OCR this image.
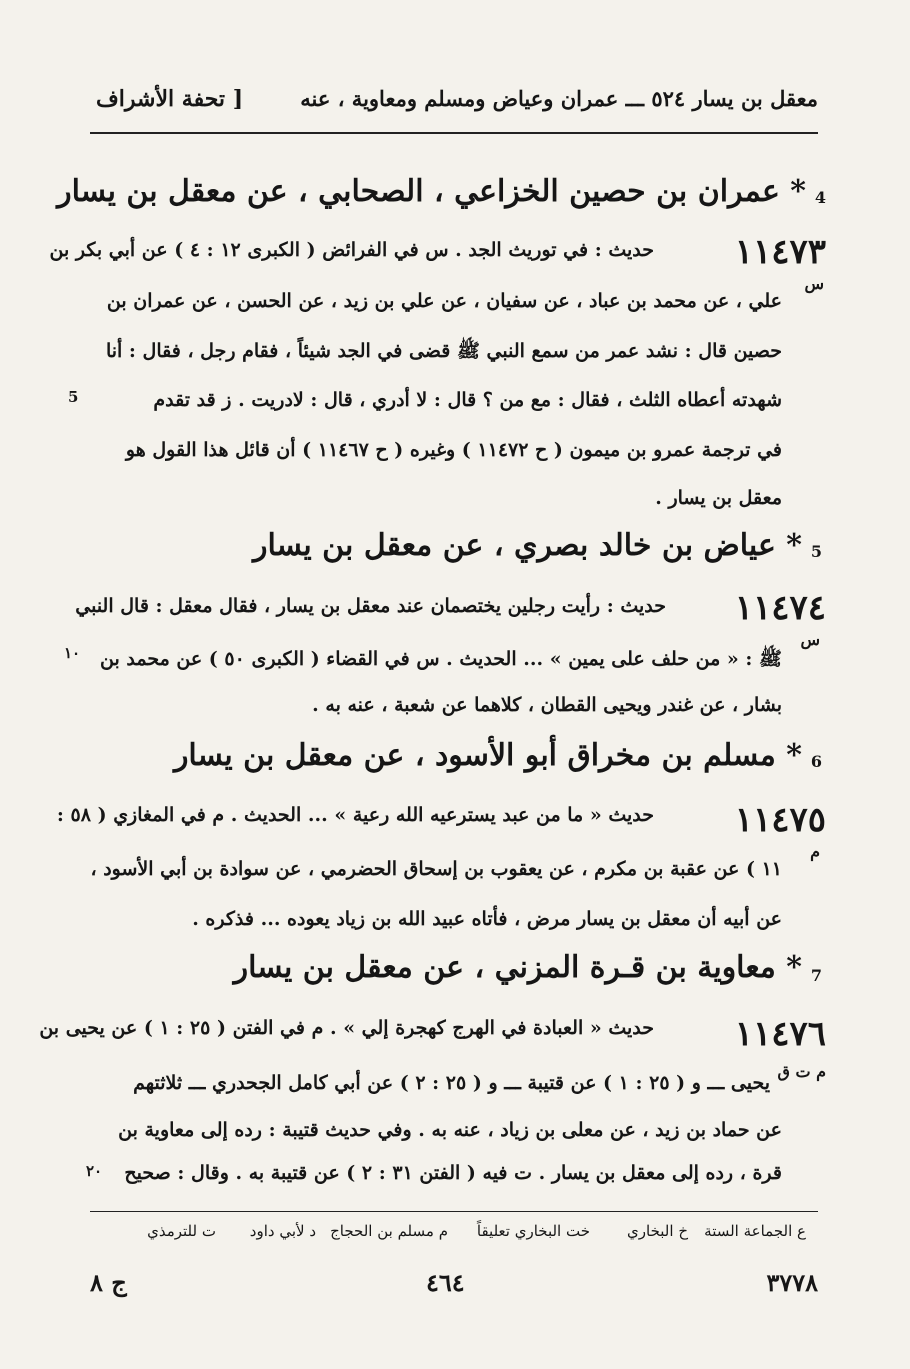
معقل بن يسار ٥٢٤ ـــ عمران وعياض ومسلم ومعاوية ، عنه
[ تحفة الأشراف
4
* عمران بن حصين الخزاعي ، الصحابي ، عن معقل بن يسار
١١٤٧٣
حديث : في توريث الجد . س في الفرائض ( الكبرى ١٢ : ٤ ) عن أبي بكر بن
س
علي ، عن محمد بن عباد ، عن سفيان ، عن علي بن زيد ، عن الحسن ، عن عمران بن
حصين قال : نشد عمر من سمع النبي ﷺ قضى في الجد شيئاً ، فقام رجل ، فقال : أنا
شهدته أعطاه الثلث ، فقال : مع من ؟ قال : لا أدري ، قال : لادريت . ز قد تقدم
5
في ترجمة عمرو بن ميمون ( ح ١١٤٧٢ ) وغيره ( ح ١١٤٦٧ ) أن قائل هذا القول هو
معقل بن يسار .
5
* عياض بن خالد بصري ، عن معقل بن يسار
١١٤٧٤
حديث : رأيت رجلين يختصمان عند معقل بن يسار ، فقال معقل : قال النبي
س
ﷺ : « من حلف على يمين » ... الحديث . س في القضاء ( الكبرى ٥٠ ) عن محمد بن
١٠
بشار ، عن غندر ويحيى القطان ، كلاهما عن شعبة ، عنه به .
6
* مسلم بن مخراق أبو الأسود ، عن معقل بن يسار
١١٤٧٥
حديث « ما من عبد يسترعيه الله رعية » ... الحديث . م في المغازي ( ٥٨ :
م
١١ ) عن عقبة بن مكرم ، عن يعقوب بن إسحاق الحضرمي ، عن سوادة بن أبي الأسود ،
عن أبيه أن معقل بن يسار مرض ، فأتاه عبيد الله بن زياد يعوده ... فذكره .
7
* معاوية بن قـرة المزني ، عن معقل بن يسار
١١٤٧٦
حديث « العبادة في الهرج كهجرة إلي » . م في الفتن ( ٢٥ : ١ ) عن يحيى بن
م ت ق
يحيى ـــ و ( ٢٥ : ١ ) عن قتيبة ـــ و ( ٢٥ : ٢ ) عن أبي كامل الجحدري ـــ ثلاثتهم
عن حماد بن زيد ، عن معلى بن زياد ، عنه به . وفي حديث قتيبة : رده إلى معاوية بن
قرة ، رده إلى معقل بن يسار . ت فيه ( الفتن ٣١ : ٢ ) عن قتيبة به . وقال : صحيح
٢٠
ع الجماعة الستة
خ البخاري
خت البخاري تعليقاً
م مسلم بن الحجاج
د لأبي داود
ت للترمذي
ج ٨	٤٦٤	٣٧٧٨
